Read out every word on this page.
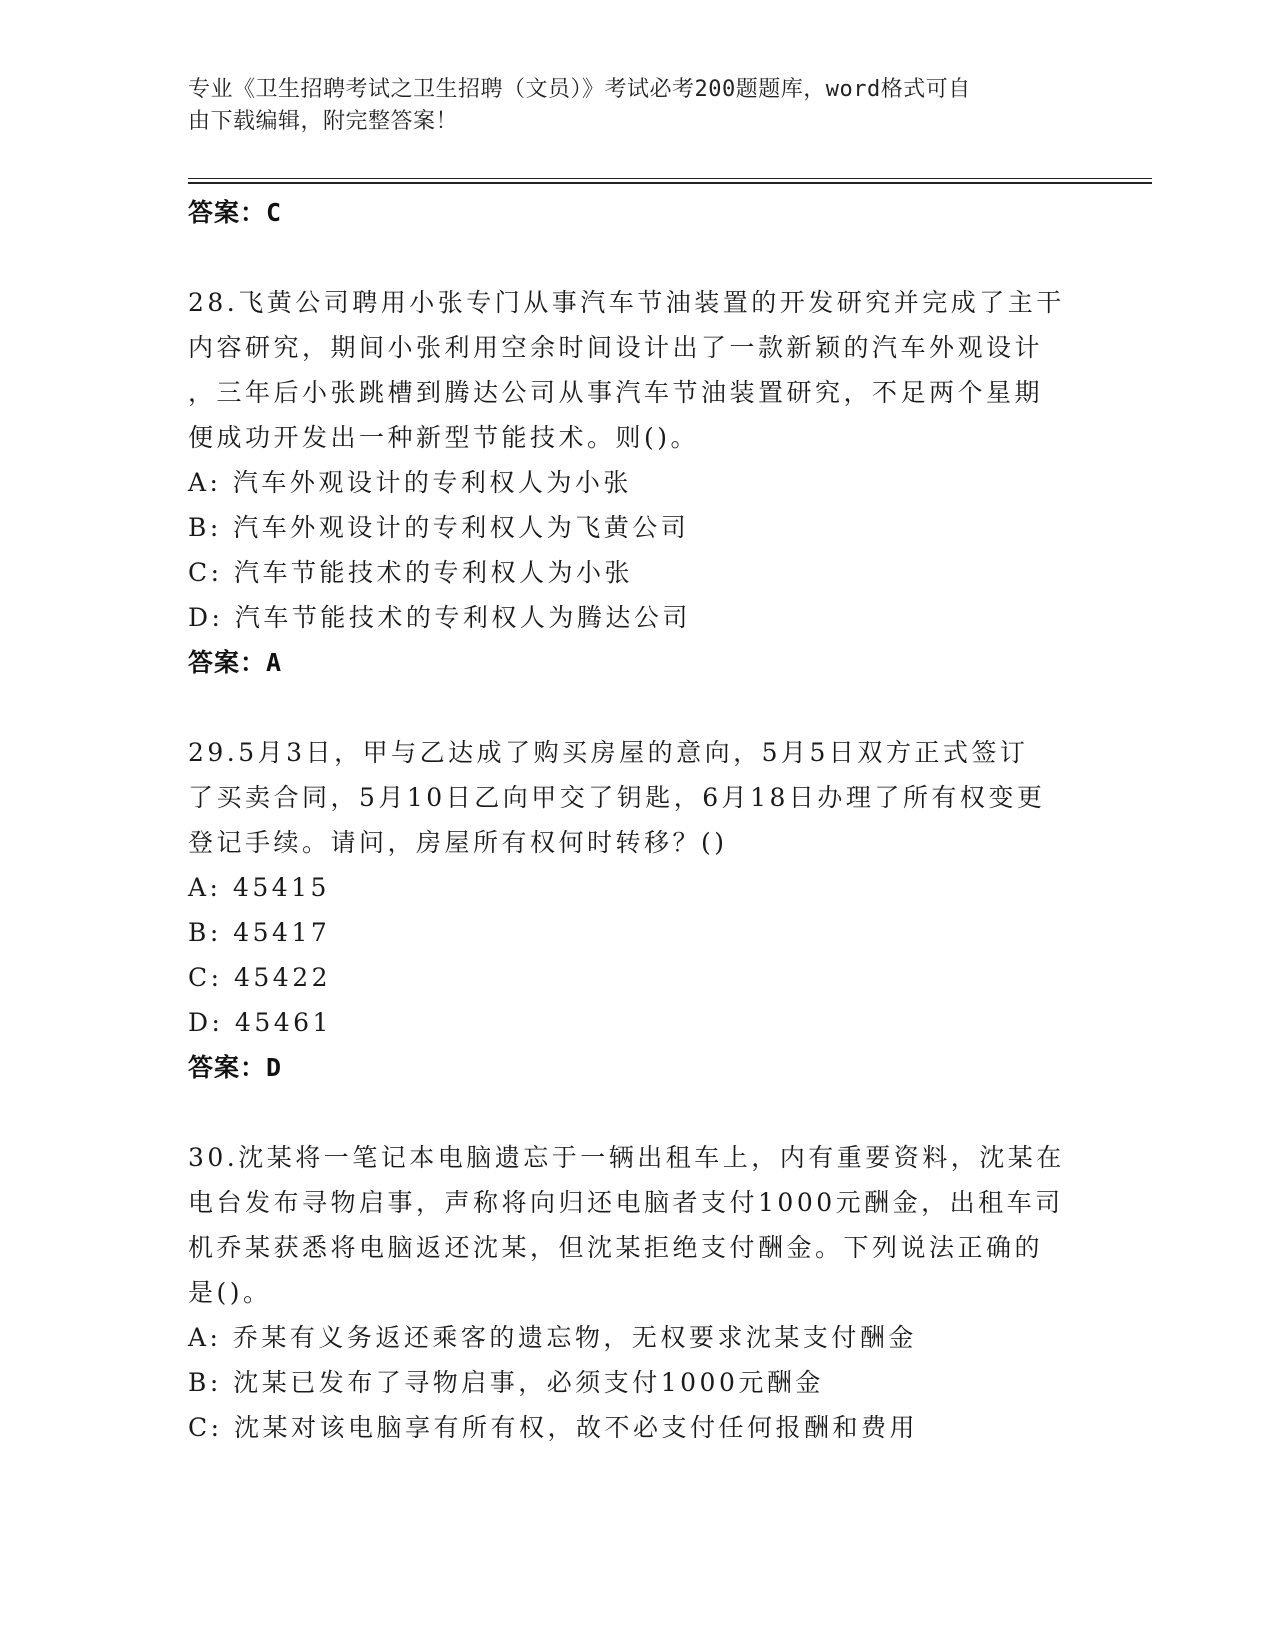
专业《卫生招聘考试之卫生招聘（文员）》考试必考200题题库，word格式可自
由下载编辑，附完整答案！
答案：C
28.飞黄公司聘用小张专门从事汽车节油装置的开发研究并完成了主干
内容研究，期间小张利用空余时间设计出了一款新颖的汽车外观设计
，三年后小张跳槽到腾达公司从事汽车节油装置研究，不足两个星期
便成功开发出一种新型节能技术。则()。
A: 汽车外观设计的专利权人为小张
B: 汽车外观设计的专利权人为飞黄公司
C: 汽车节能技术的专利权人为小张
D: 汽车节能技术的专利权人为腾达公司
答案：A
29.5月3日，甲与乙达成了购买房屋的意向，5月5日双方正式签订
了买卖合同，5月10日乙向甲交了钥匙，6月18日办理了所有权变更
登记手续。请问，房屋所有权何时转移？()
A: 45415
B: 45417
C: 45422
D: 45461
答案：D
30.沈某将一笔记本电脑遗忘于一辆出租车上，内有重要资料，沈某在
电台发布寻物启事，声称将向归还电脑者支付1000元酬金，出租车司
机乔某获悉将电脑返还沈某，但沈某拒绝支付酬金。下列说法正确的
是()。
A: 乔某有义务返还乘客的遗忘物，无权要求沈某支付酬金
B: 沈某已发布了寻物启事，必须支付1000元酬金
C: 沈某对该电脑享有所有权，故不必支付任何报酬和费用
